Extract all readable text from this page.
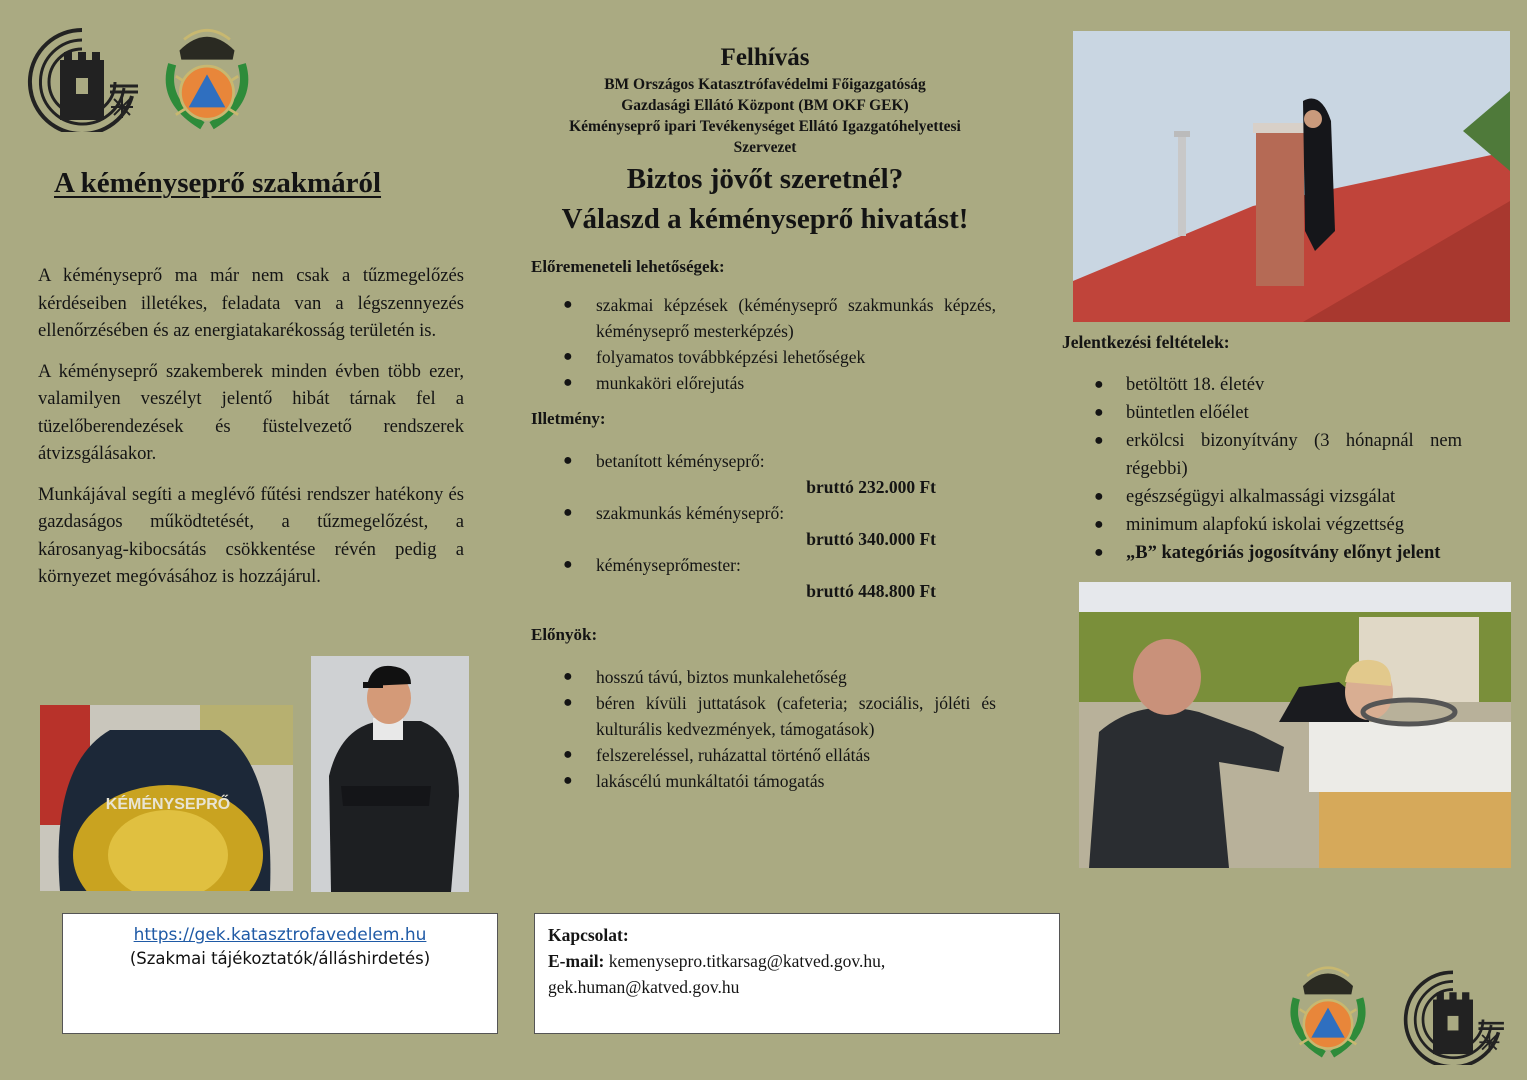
A kéményseprő szakmáról

A kéményseprő ma már nem csak a tűzmegelőzés kérdéseiben illetékes, feladata van a légszennyezés ellenőrzésében és az energiatakarékosság területén is.

A kéményseprő szakemberek minden évben több ezer, valamilyen veszélyt jelentő hibát tárnak fel a tüzelőberendezések és füstelvezető rendszerek átvizsgálásakor.

Munkájával segíti a meglévő fűtési rendszer hatékony és gazdaságos működtetését, a tűzmegelőzést, a károsanyag-kibocsátás csökkentése révén pedig a környezet megóvásához is hozzájárul.

KÉMÉNYSEPRŐ
Felhívás
BM Országos Katasztrófavédelmi Főigazgatóság
Gazdasági Ellátó Központ (BM OKF GEK)
Kéményseprő ipari Tevékenységet Ellátó Igazgatóhelyettesi
Szervezet
Biztos jövőt szeretnél?
Válaszd a kéményseprő hivatást!
Előremeneteli lehetőségek:
● szakmai képzések (kéményseprő szakmunkás képzés, kéményseprő mesterképzés)
● folyamatos továbbképzési lehetőségek
● munkaköri előrejutás
Illetmény:
● betanított kéményseprő:
bruttó 232.000 Ft
● szakmunkás kéményseprő:
bruttó 340.000 Ft
● kéményseprőmester:
bruttó 448.800 Ft
Előnyök:
● hosszú távú, biztos munkalehetőség
● béren kívüli juttatások (cafeteria; szociális, jóléti és kulturális kedvezmények, támogatások)
● felszereléssel, ruházattal történő ellátás
● lakáscélú munkáltatói támogatás
Jelentkezési feltételek:
● betöltött 18. életév
● büntetlen előélet
● erkölcsi bizonyítvány (3 hónapnál nem régebbi)
● egészségügyi alkalmassági vizsgálat
● minimum alapfokú iskolai végzettség
● „B” kategóriás jogosítvány előnyt jelent
https://gek.katasztrofavedelem.hu
(Szakmai tájékoztatók/álláshirdetés)
Kapcsolat:
E-mail: kemenysepro.titkarsag@katved.gov.hu,
gek.human@katved.gov.hu
